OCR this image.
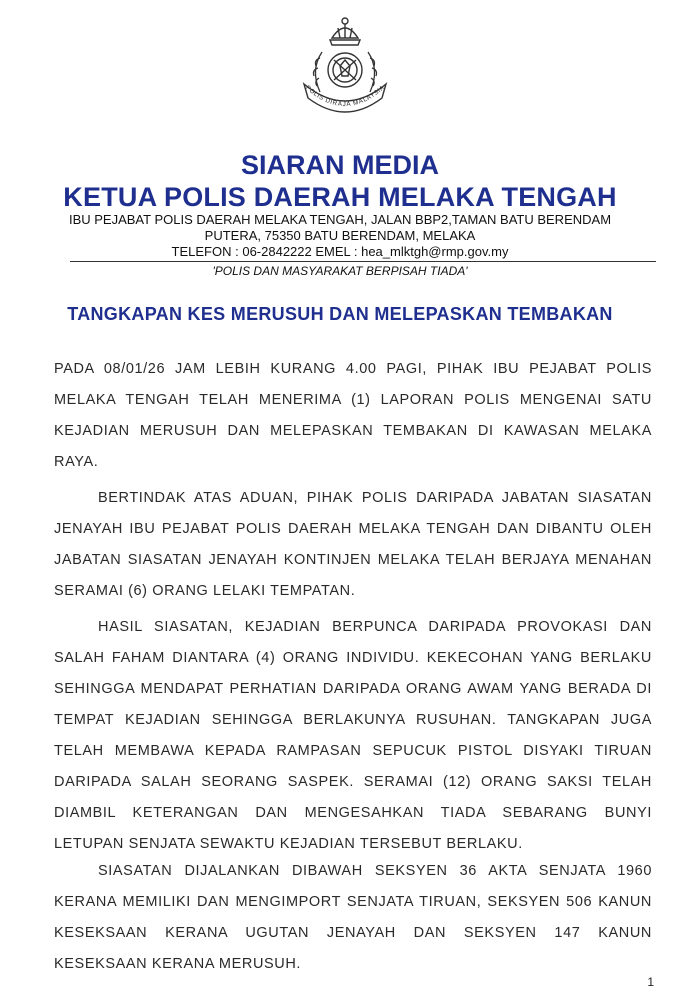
POLIS DIRAJA MALAYSIA
SIARAN MEDIA
KETUA POLIS DAERAH MELAKA TENGAH
IBU PEJABAT POLIS DAERAH MELAKA TENGAH, JALAN BBP2,TAMAN BATU BERENDAM
PUTERA, 75350 BATU BERENDAM, MELAKA
TELEFON : 06-2842222 EMEL : hea_mlktgh@rmp.gov.my
'POLIS DAN MASYARAKAT BERPISAH TIADA'
TANGKAPAN KES MERUSUH DAN MELEPASKAN TEMBAKAN

PADA 08/01/26 JAM LEBIH KURANG 4.00 PAGI, PIHAK IBU PEJABAT POLIS MELAKA TENGAH TELAH MENERIMA (1) LAPORAN POLIS MENGENAI SATU KEJADIAN MERUSUH DAN MELEPASKAN TEMBAKAN DI KAWASAN MELAKA RAYA.

BERTINDAK ATAS ADUAN, PIHAK POLIS DARIPADA JABATAN SIASATAN JENAYAH IBU PEJABAT POLIS DAERAH MELAKA TENGAH DAN DIBANTU OLEH JABATAN SIASATAN JENAYAH KONTINJEN MELAKA TELAH BERJAYA MENAHAN SERAMAI (6) ORANG LELAKI TEMPATAN.

HASIL SIASATAN, KEJADIAN BERPUNCA DARIPADA PROVOKASI DAN SALAH FAHAM DIANTARA (4) ORANG INDIVIDU. KEKECOHAN YANG BERLAKU SEHINGGA MENDAPAT PERHATIAN DARIPADA ORANG AWAM YANG BERADA DI TEMPAT KEJADIAN SEHINGGA BERLAKUNYA RUSUHAN. TANGKAPAN JUGA TELAH MEMBAWA KEPADA RAMPASAN SEPUCUK PISTOL DISYAKI TIRUAN DARIPADA SALAH SEORANG SASPEK. SERAMAI (12) ORANG SAKSI TELAH DIAMBIL KETERANGAN DAN MENGESAHKAN TIADA SEBARANG BUNYI LETUPAN SENJATA SEWAKTU KEJADIAN TERSEBUT BERLAKU.

SIASATAN DIJALANKAN DIBAWAH SEKSYEN 36 AKTA SENJATA 1960 KERANA MEMILIKI DAN MENGIMPORT SENJATA TIRUAN, SEKSYEN 506 KANUN KESEKSAAN KERANA UGUTAN JENAYAH DAN SEKSYEN 147 KANUN KESEKSAAN KERANA MERUSUH.

1
